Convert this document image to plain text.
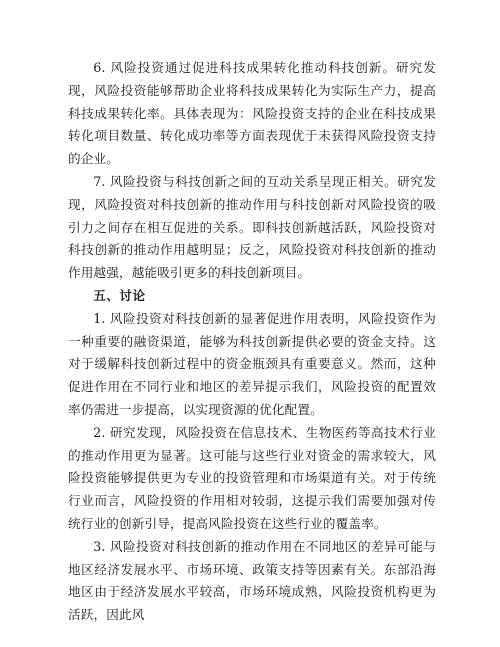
6. 风险投资通过促进科技成果转化推动科技创新。研究发现，风险投资能够帮助企业将科技成果转化为实际生产力，提高科技成果转化率。具体表现为：风险投资支持的企业在科技成果转化项目数量、转化成功率等方面表现优于未获得风险投资支持的企业。

7. 风险投资与科技创新之间的互动关系呈现正相关。研究发现，风险投资对科技创新的推动作用与科技创新对风险投资的吸引力之间存在相互促进的关系。即科技创新越活跃，风险投资对科技创新的推动作用越明显；反之，风险投资对科技创新的推动作用越强，越能吸引更多的科技创新项目。

五、讨论

1. 风险投资对科技创新的显著促进作用表明，风险投资作为一种重要的融资渠道，能够为科技创新提供必要的资金支持。这对于缓解科技创新过程中的资金瓶颈具有重要意义。然而，这种促进作用在不同行业和地区的差异提示我们，风险投资的配置效率仍需进一步提高，以实现资源的优化配置。

2. 研究发现，风险投资在信息技术、生物医药等高技术行业的推动作用更为显著。这可能与这些行业对资金的需求较大，风险投资能够提供更为专业的投资管理和市场渠道有关。对于传统行业而言，风险投资的作用相对较弱，这提示我们需要加强对传统行业的创新引导，提高风险投资在这些行业的覆盖率。

3. 风险投资对科技创新的推动作用在不同地区的差异可能与地区经济发展水平、市场环境、政策支持等因素有关。东部沿海地区由于经济发展水平较高，市场环境成熟，风险投资机构更为活跃，因此风
